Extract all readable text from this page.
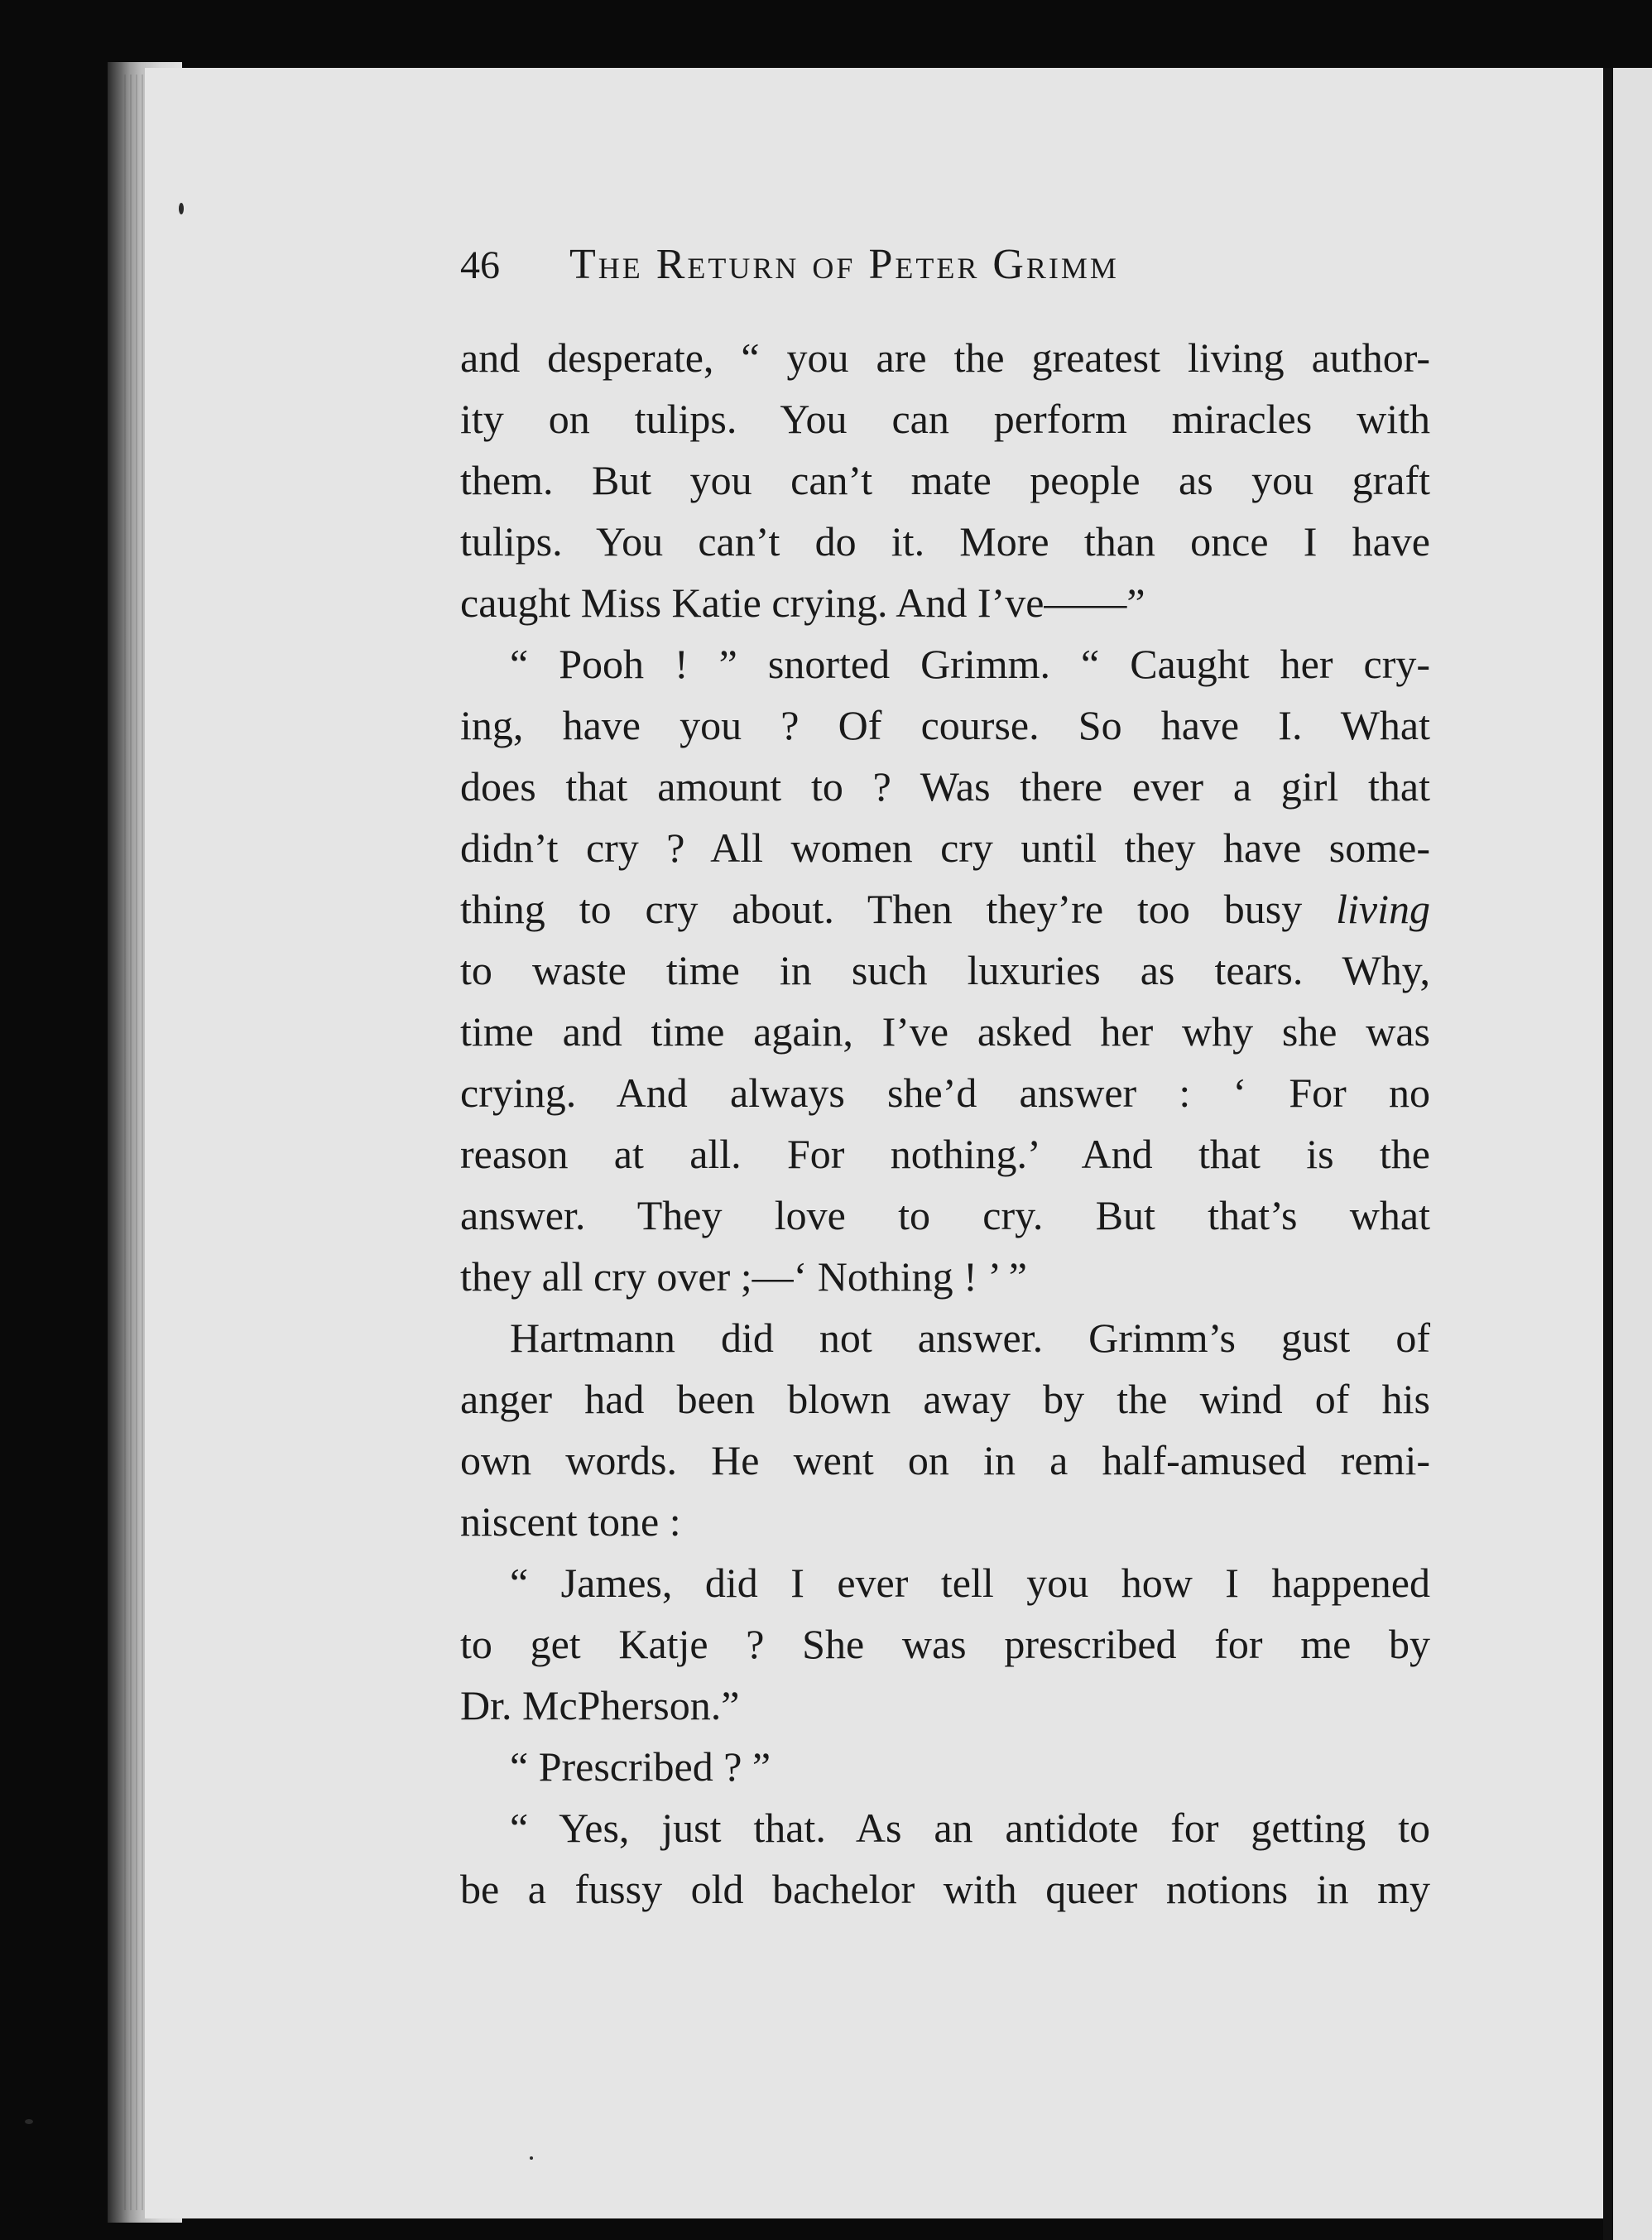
46 The Return of Peter Grimm
and desperate, “ you are the greatest living author-
ity on tulips. You can perform miracles with
them. But you can’t mate people as you graft
tulips. You can’t do it. More than once I have
caught Miss Katie crying. And I’ve——”
“ Pooh ! ” snorted Grimm. “ Caught her cry-
ing, have you ? Of course. So have I. What
does that amount to ? Was there ever a girl that
didn’t cry ? All women cry until they have some-
thing to cry about. Then they’re too busy living
to waste time in such luxuries as tears. Why,
time and time again, I’ve asked her why she was
crying. And always she’d answer : ‘ For no
reason at all. For nothing.’ And that is the
answer. They love to cry. But that’s what
they all cry over ;—‘ Nothing ! ’ ”
Hartmann did not answer. Grimm’s gust of
anger had been blown away by the wind of his
own words. He went on in a half-amused remi-
niscent tone :
“ James, did I ever tell you how I happened
to get Katje ? She was prescribed for me by
Dr. McPherson.”
“ Prescribed ? ”
“ Yes, just that. As an antidote for getting to
be a fussy old bachelor with queer notions in my
